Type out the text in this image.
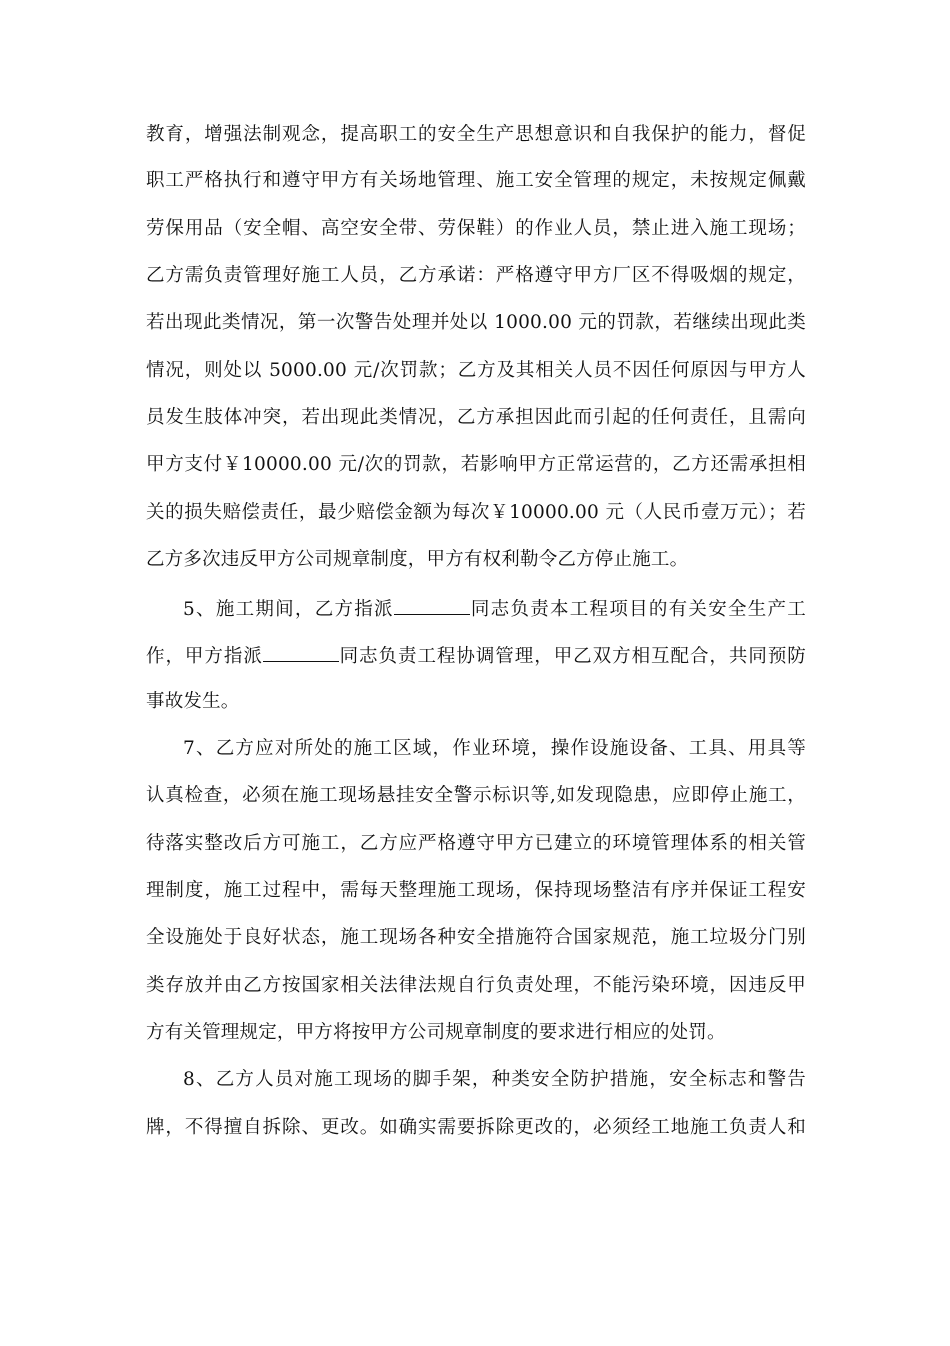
教育，增强法制观念，提高职工的安全生产思想意识和自我保护的能力，督促
职工严格执行和遵守甲方有关场地管理、施工安全管理的规定，未按规定佩戴
劳保用品（安全帽、高空安全带、劳保鞋）的作业人员，禁止进入施工现场；
乙方需负责管理好施工人员，乙方承诺：严格遵守甲方厂区不得吸烟的规定，
若出现此类情况，第一次警告处理并处以 1000.00 元的罚款，若继续出现此类
情况，则处以 5000.00 元/次罚款；乙方及其相关人员不因任何原因与甲方人
员发生肢体冲突，若出现此类情况，乙方承担因此而引起的任何责任，且需向
甲方支付￥10000.00 元/次的罚款，若影响甲方正常运营的，乙方还需承担相
关的损失赔偿责任，最少赔偿金额为每次￥10000.00 元（人民币壹万元）；若
乙方多次违反甲方公司规章制度，甲方有权利勒令乙方停止施工。
5、施工期间，乙方指派	同志负责本工程项目的有关安全生产工
作，甲方指派	同志负责工程协调管理，甲乙双方相互配合，共同预防
事故发生。
7、乙方应对所处的施工区域，作业环境，操作设施设备、工具、用具等
认真检查，必须在施工现场悬挂安全警示标识等,如发现隐患，应即停止施工，
待落实整改后方可施工，乙方应严格遵守甲方已建立的环境管理体系的相关管
理制度，施工过程中，需每天整理施工现场，保持现场整洁有序并保证工程安
全设施处于良好状态，施工现场各种安全措施符合国家规范，施工垃圾分门别
类存放并由乙方按国家相关法律法规自行负责处理，不能污染环境，因违反甲
方有关管理规定，甲方将按甲方公司规章制度的要求进行相应的处罚。
8、乙方人员对施工现场的脚手架，种类安全防护措施，安全标志和警告
牌，不得擅自拆除、更改。如确实需要拆除更改的，必须经工地施工负责人和
